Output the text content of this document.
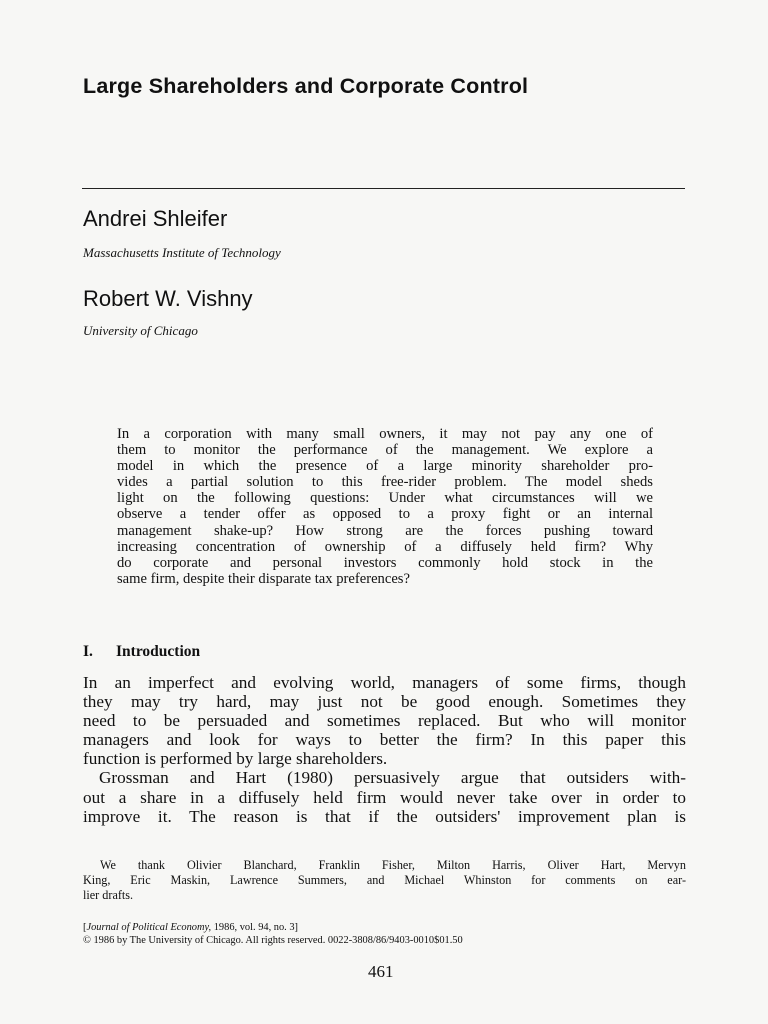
Large Shareholders and Corporate Control
Andrei Shleifer
Massachusetts Institute of Technology
Robert W. Vishny
University of Chicago
In a corporation with many small owners, it may not pay any one of
them to monitor the performance of the management. We explore a
model in which the presence of a large minority shareholder pro-
vides a partial solution to this free-rider problem. The model sheds
light on the following questions: Under what circumstances will we
observe a tender offer as opposed to a proxy fight or an internal
management shake-up? How strong are the forces pushing toward
increasing concentration of ownership of a diffusely held firm? Why
do corporate and personal investors commonly hold stock in the
same firm, despite their disparate tax preferences?
I. Introduction
In an imperfect and evolving world, managers of some firms, though
they may try hard, may just not be good enough. Sometimes they
need to be persuaded and sometimes replaced. But who will monitor
managers and look for ways to better the firm? In this paper this
function is performed by large shareholders.
Grossman and Hart (1980) persuasively argue that outsiders with-
out a share in a diffusely held firm would never take over in order to
improve it. The reason is that if the outsiders' improvement plan is
We thank Olivier Blanchard, Franklin Fisher, Milton Harris, Oliver Hart, Mervyn
King, Eric Maskin, Lawrence Summers, and Michael Whinston for comments on ear-
lier drafts.
[Journal of Political Economy, 1986, vol. 94, no. 3]
© 1986 by The University of Chicago. All rights reserved. 0022-3808/86/9403-0010$01.50
461
